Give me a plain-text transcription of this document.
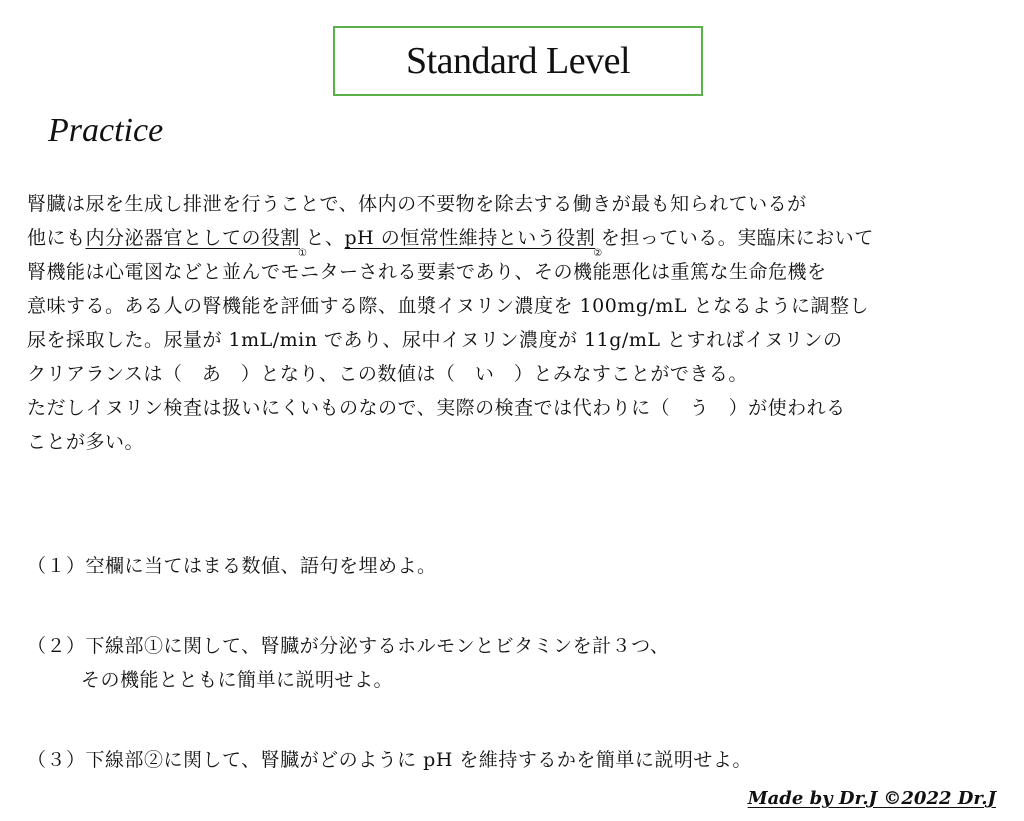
Standard Level
Practice
腎臓は尿を生成し排泄を行うことで、体内の不要物を除去する働きが最も知られているが
他にも内分泌器官としての役割$_①$と、pH の恒常性維持という役割$_②$を担っている。実臨床において
腎機能は心電図などと並んでモニターされる要素であり、その機能悪化は重篤な生命危機を
意味する。ある人の腎機能を評価する際、血漿イヌリン濃度を 100mg/mL となるように調整し
尿を採取した。尿量が 1mL/min であり、尿中イヌリン濃度が 11g/mL とすればイヌリンの
クリアランスは（　あ　）となり、この数値は（　い　）とみなすことができる。
ただしイヌリン検査は扱いにくいものなので、実際の検査では代わりに（　う　）が使われる
ことが多い。
（１）空欄に当てはまる数値、語句を埋めよ。
（２）下線部①に関して、腎臓が分泌するホルモンとビタミンを計３つ、
その機能とともに簡単に説明せよ。
（３）下線部②に関して、腎臓がどのように pH を維持するかを簡単に説明せよ。
Made by Dr.J ©2022 Dr.J
